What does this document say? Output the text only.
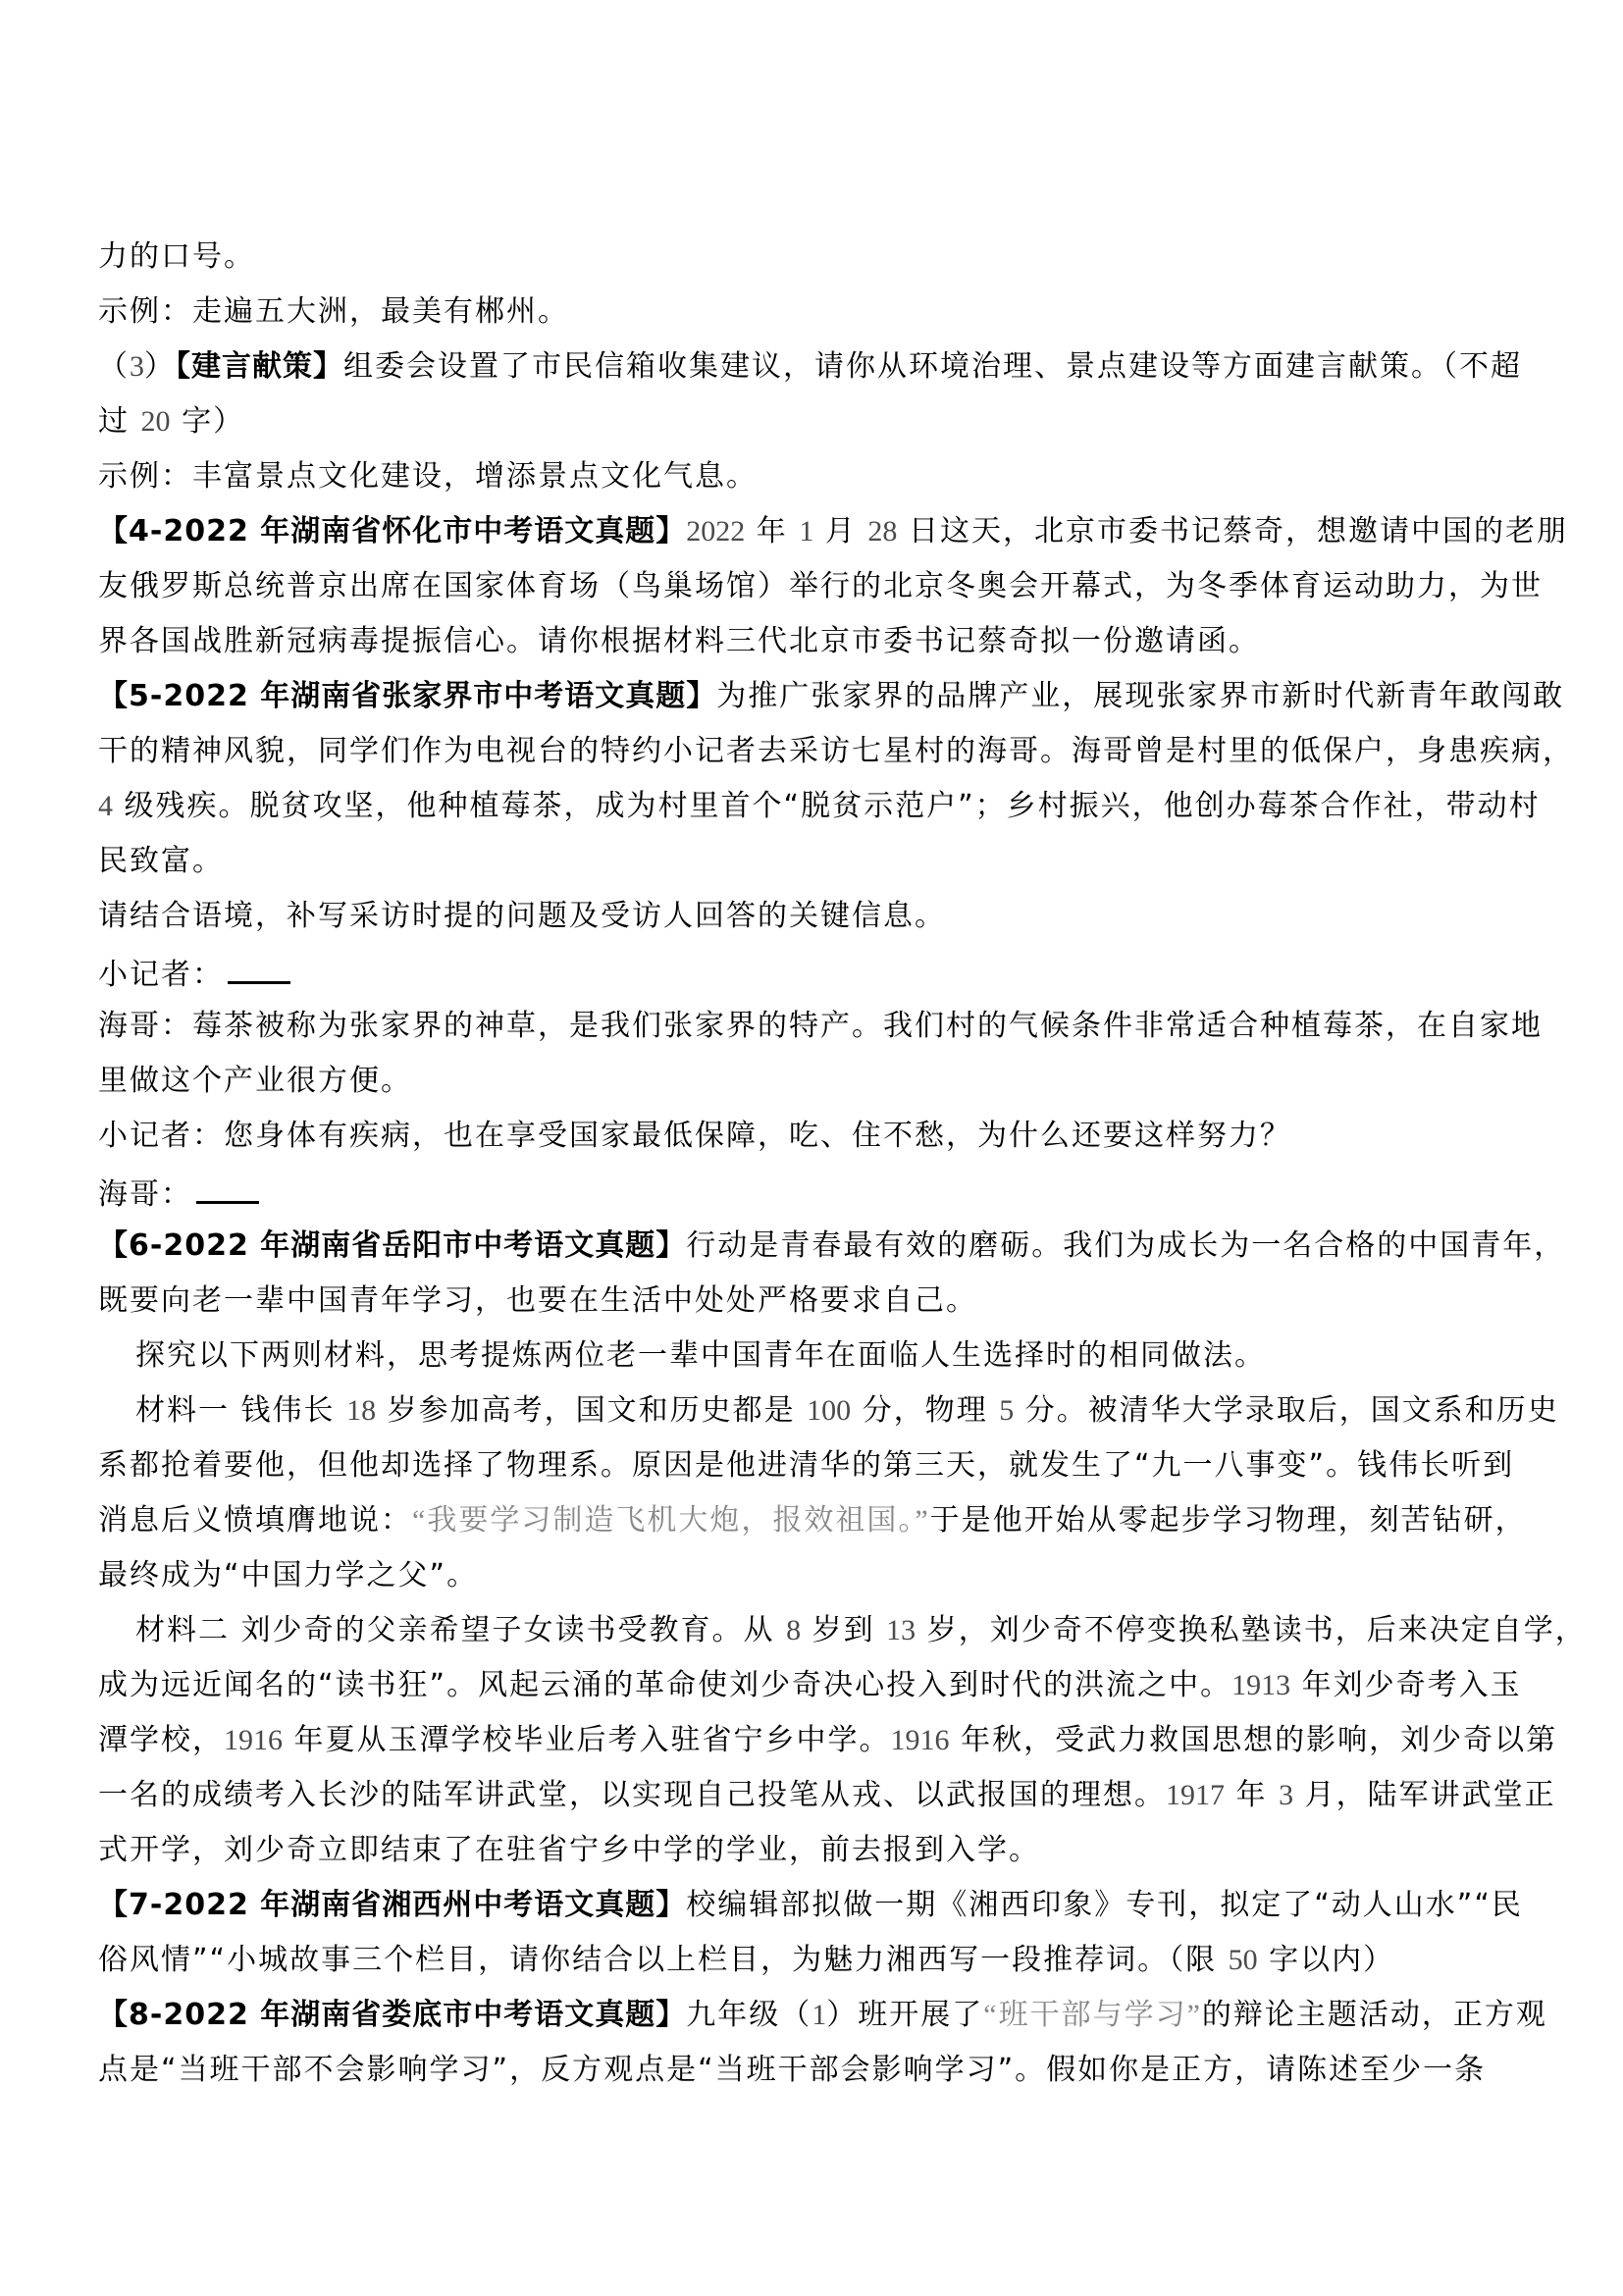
力的口号。
示例：走遍五大洲，最美有郴州。
（3）【建言献策】组委会设置了市民信箱收集建议，请你从环境治理、景点建设等方面建言献策。（不超
过 20 字）
示例：丰富景点文化建设，增添景点文化气息。
【4-2022 年湖南省怀化市中考语文真题】2022 年 1 月 28 日这天，北京市委书记蔡奇，想邀请中国的老朋
友俄罗斯总统普京出席在国家体育场（鸟巢场馆）举行的北京冬奥会开幕式，为冬季体育运动助力，为世
界各国战胜新冠病毒提振信心。请你根据材料三代北京市委书记蔡奇拟一份邀请函。
【5-2022 年湖南省张家界市中考语文真题】为推广张家界的品牌产业，展现张家界市新时代新青年敢闯敢
干的精神风貌，同学们作为电视台的特约小记者去采访七星村的海哥。海哥曾是村里的低保户，身患疾病，
4 级残疾。脱贫攻坚，他种植莓茶，成为村里首个“脱贫示范户”；乡村振兴，他创办莓茶合作社，带动村
民致富。
请结合语境，补写采访时提的问题及受访人回答的关键信息。
小记者：
海哥：莓茶被称为张家界的神草，是我们张家界的特产。我们村的气候条件非常适合种植莓茶，在自家地
里做这个产业很方便。
小记者：您身体有疾病，也在享受国家最低保障，吃、住不愁，为什么还要这样努力？
海哥：
【6-2022 年湖南省岳阳市中考语文真题】行动是青春最有效的磨砺。我们为成长为一名合格的中国青年，
既要向老一辈中国青年学习，也要在生活中处处严格要求自己。
探究以下两则材料，思考提炼两位老一辈中国青年在面临人生选择时的相同做法。
材料一 钱伟长 18 岁参加高考，国文和历史都是 100 分，物理 5 分。被清华大学录取后，国文系和历史
系都抢着要他，但他却选择了物理系。原因是他进清华的第三天，就发生了“九一八事变”。钱伟长听到
消息后义愤填膺地说：“我要学习制造飞机大炮，报效祖国。”于是他开始从零起步学习物理，刻苦钻研，
最终成为“中国力学之父”。
材料二 刘少奇的父亲希望子女读书受教育。从 8 岁到 13 岁，刘少奇不停变换私塾读书，后来决定自学，
成为远近闻名的“读书狂”。风起云涌的革命使刘少奇决心投入到时代的洪流之中。1913 年刘少奇考入玉
潭学校，1916 年夏从玉潭学校毕业后考入驻省宁乡中学。1916 年秋，受武力救国思想的影响，刘少奇以第
一名的成绩考入长沙的陆军讲武堂，以实现自己投笔从戎、以武报国的理想。1917 年 3 月，陆军讲武堂正
式开学，刘少奇立即结束了在驻省宁乡中学的学业，前去报到入学。
【7-2022 年湖南省湘西州中考语文真题】校编辑部拟做一期《湘西印象》专刊，拟定了“动人山水”“民
俗风情”“小城故事三个栏目，请你结合以上栏目，为魅力湘西写一段推荐词。（限 50 字以内）
【8-2022 年湖南省娄底市中考语文真题】九年级（1）班开展了“班干部与学习”的辩论主题活动，正方观
点是“当班干部不会影响学习”，反方观点是“当班干部会影响学习”。假如你是正方，请陈述至少一条
